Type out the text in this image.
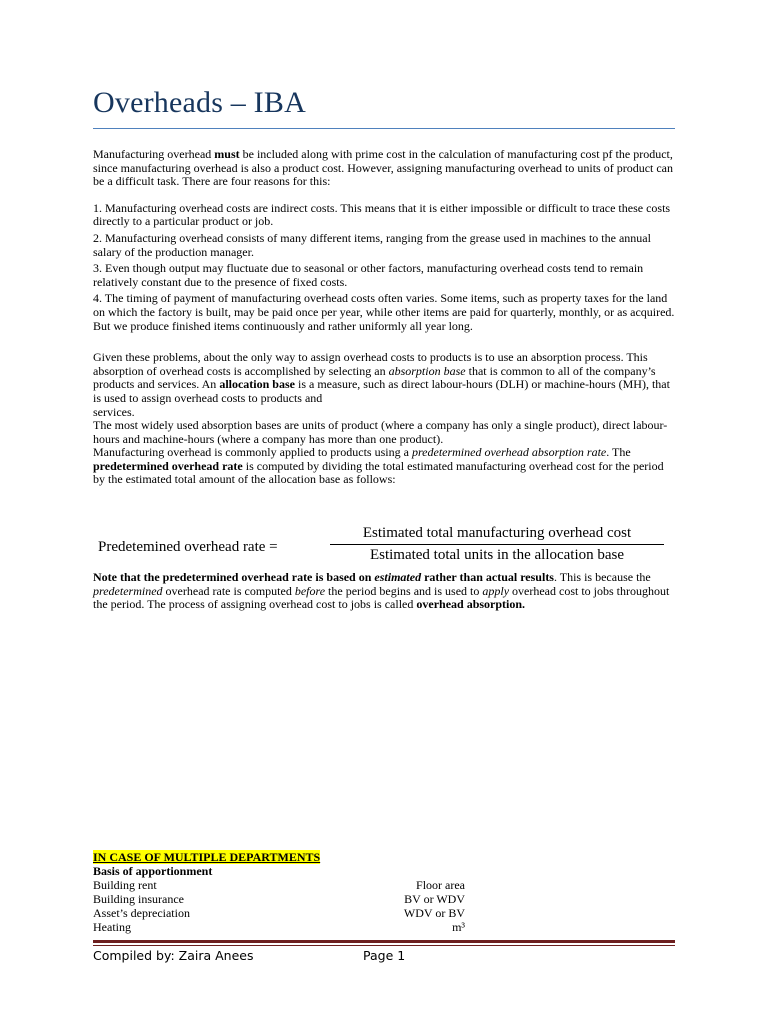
Overheads – IBA

Manufacturing overhead must be included along with prime cost in the calculation of manufacturing cost pf the product, since manufacturing overhead is also a product cost. However, assigning manufacturing overhead to units of product can be a difficult task. There are four reasons for this:

1. Manufacturing overhead costs are indirect costs. This means that it is either impossible or difficult to trace these costs directly to a particular product or job.

2. Manufacturing overhead consists of many different items, ranging from the grease used in machines to the annual salary of the production manager.

3. Even though output may fluctuate due to seasonal or other factors, manufacturing overhead costs tend to remain relatively constant due to the presence of fixed costs.

4. The timing of payment of manufacturing overhead costs often varies. Some items, such as property taxes for the land on which the factory is built, may be paid once per year, while other items are paid for quarterly, monthly, or as acquired. But we produce finished items continuously and rather uniformly all year long.

Given these problems, about the only way to assign overhead costs to products is to use an absorption process. This absorption of overhead costs is accomplished by selecting an absorption base that is common to all of the company’s products and services. An allocation base is a measure, such as direct labour-hours (DLH) or machine-hours (MH), that is used to assign overhead costs to products and

services.

The most widely used absorption bases are units of product (where a company has only a single product), direct labour-hours and machine-hours (where a company has more than one product).

Manufacturing overhead is commonly applied to products using a predetermined overhead absorption rate. The predetermined overhead rate is computed by dividing the total estimated manufacturing overhead cost for the period by the estimated total amount of the allocation base as follows:

Predetemined overhead rate =
Estimated total manufacturing overhead cost
Estimated total units in the allocation base

Note that the predetermined overhead rate is based on estimated rather than actual results. This is because the predetermined overhead rate is computed before the period begins and is used to apply overhead cost to jobs throughout the period. The process of assigning overhead cost to jobs is called overhead absorption.

IN CASE OF MULTIPLE DEPARTMENTS
Basis of apportionment
Building rent	Floor area
Building insurance	BV or WDV
Asset’s depreciation	WDV or BV
Heating	m³
Compiled by: Zaira Anees	Page 1
